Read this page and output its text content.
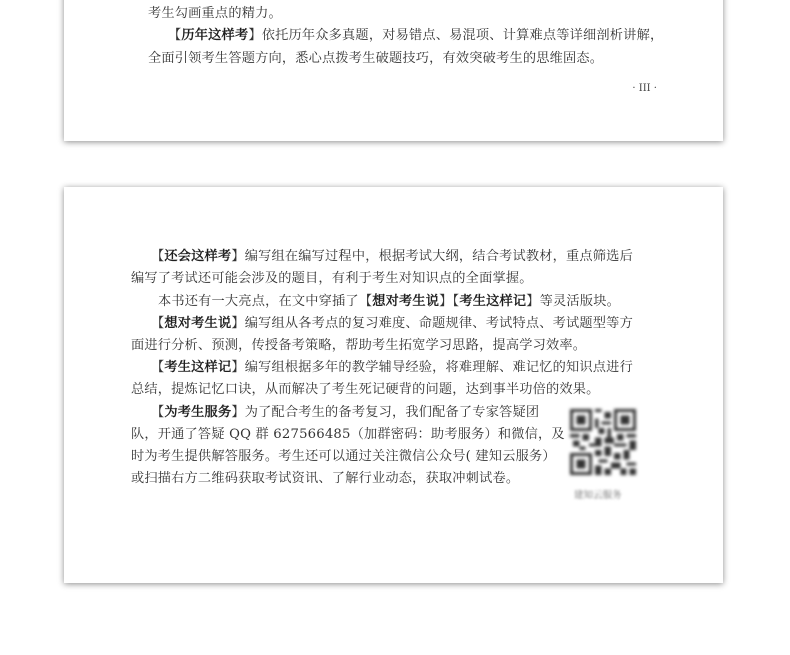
考生勾画重点的精力。

【历年这样考】依托历年众多真题，对易错点、易混项、计算难点等详细剖析讲解，

全面引领考生答题方向，悉心点拨考生破题技巧，有效突破考生的思维固态。

· III ·

【还会这样考】编写组在编写过程中，根据考试大纲，结合考试教材，重点筛选后

编写了考试还可能会涉及的题目，有利于考生对知识点的全面掌握。

本书还有一大亮点，在文中穿插了【想对考生说】【考生这样记】等灵活版块。

【想对考生说】编写组从各考点的复习难度、命题规律、考试特点、考试题型等方

面进行分析、预测，传授备考策略，帮助考生拓宽学习思路，提高学习效率。

【考生这样记】编写组根据多年的教学辅导经验，将难理解、难记忆的知识点进行

总结，提炼记忆口诀，从而解决了考生死记硬背的问题，达到事半功倍的效果。

【为考生服务】为了配合考生的备考复习，我们配备了专家答疑团

队，开通了答疑 QQ 群 627566485（加群密码：助考服务）和微信，及

时为考生提供解答服务。考生还可以通过关注微信公众号( 建知云服务）

或扫描右方二维码获取考试资讯、了解行业动态，获取冲刺试卷。

建知云服务
